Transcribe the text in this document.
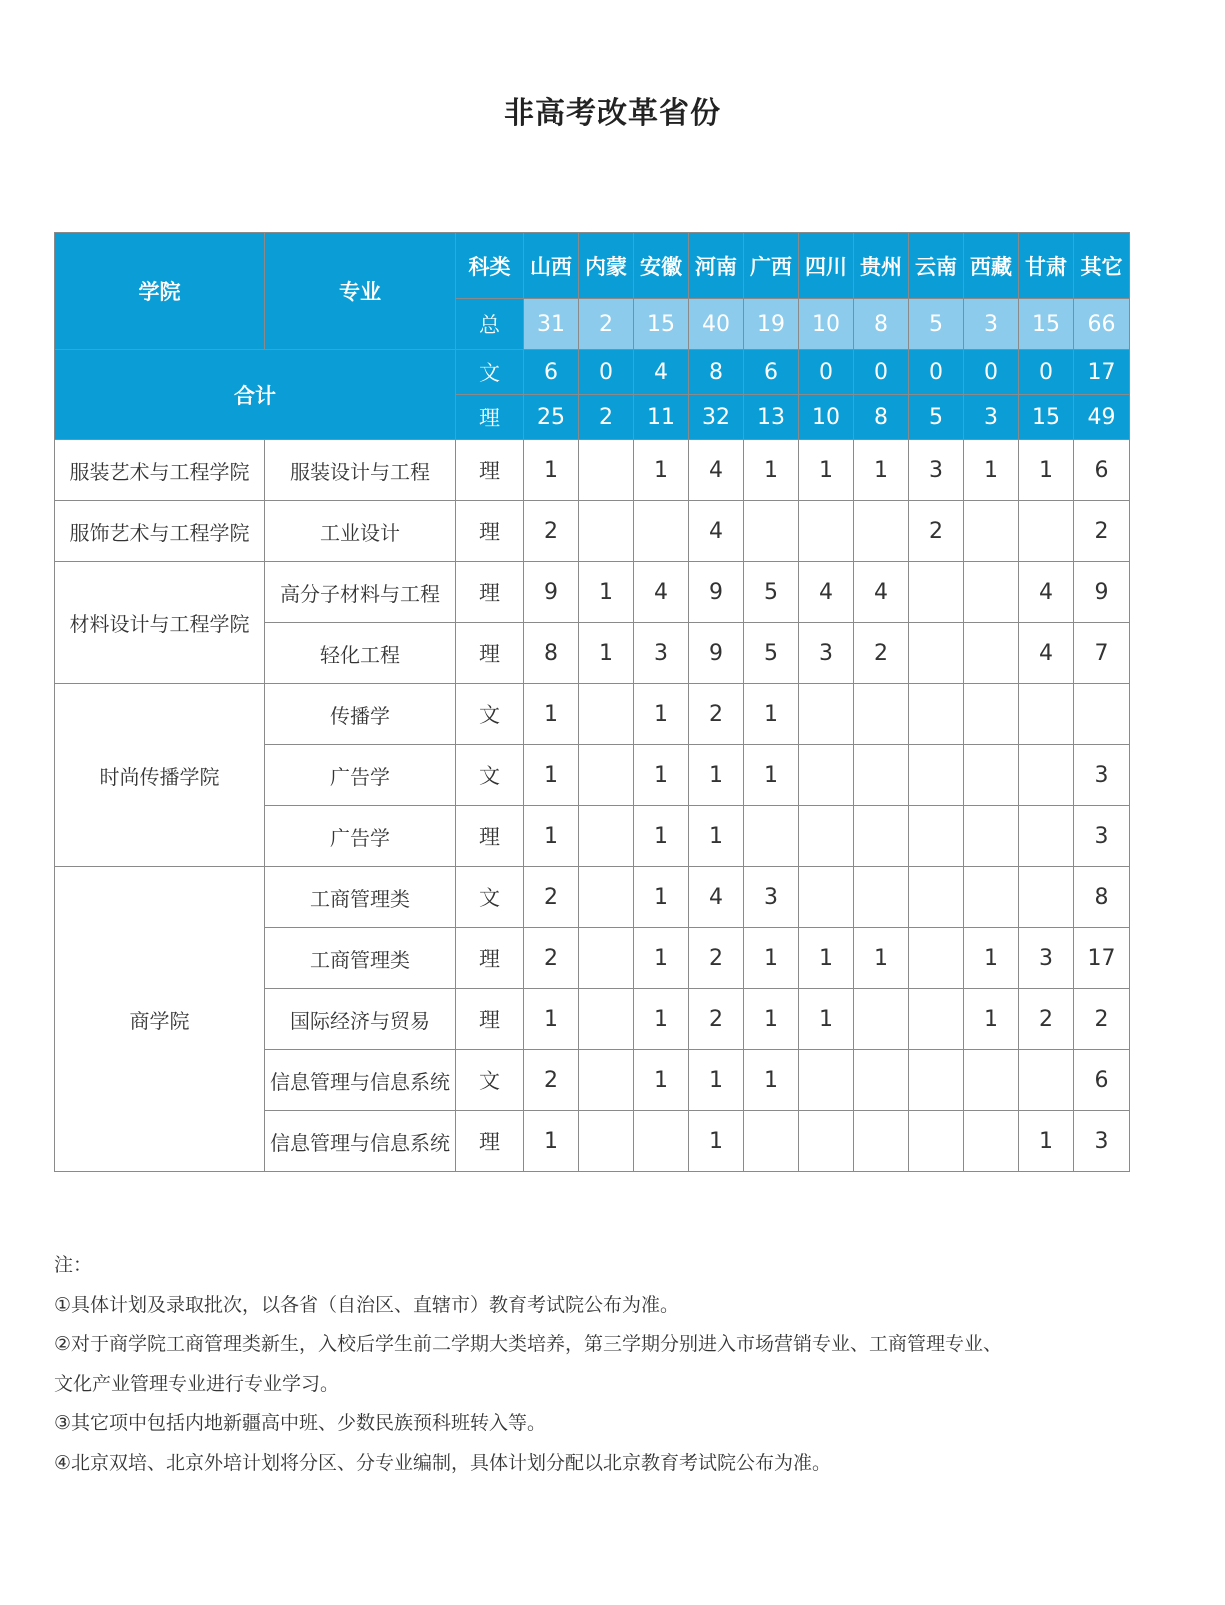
非高考改革省份
学院	专业	科类	山西	内蒙	安徽	河南	广西	四川	贵州	云南	西藏	甘肃	其它
		总	31	2	15	40	19	10	8	5	3	15	66
合计		文	6	0	4	8	6	0	0	0	0	0	17
		理	25	2	11	32	13	10	8	5	3	15	49
服装艺术与工程学院	服装设计与工程	理	1		1	4	1	1	1	3	1	1	6
服饰艺术与工程学院	工业设计	理	2			4				2			2
材料设计与工程学院	高分子材料与工程	理	9	1	4	9	5	4	4			4	9
	轻化工程	理	8	1	3	9	5	3	2			4	7
时尚传播学院	传播学	文	1		1	2	1						
	广告学	文	1		1	1	1						3
	广告学	理	1		1	1							3
商学院	工商管理类	文	2		1	4	3						8
	工商管理类	理	2		1	2	1	1	1		1	3	17
	国际经济与贸易	理	1		1	2	1	1			1	2	2
	信息管理与信息系统	文	2		1	1	1						6
	信息管理与信息系统	理	1			1						1	3
注：
①具体计划及录取批次，以各省（自治区、直辖市）教育考试院公布为准。
②对于商学院工商管理类新生，入校后学生前二学期大类培养，第三学期分别进入市场营销专业、工商管理专业、
文化产业管理专业进行专业学习。
③其它项中包括内地新疆高中班、少数民族预科班转入等。
④北京双培、北京外培计划将分区、分专业编制，具体计划分配以北京教育考试院公布为准。
